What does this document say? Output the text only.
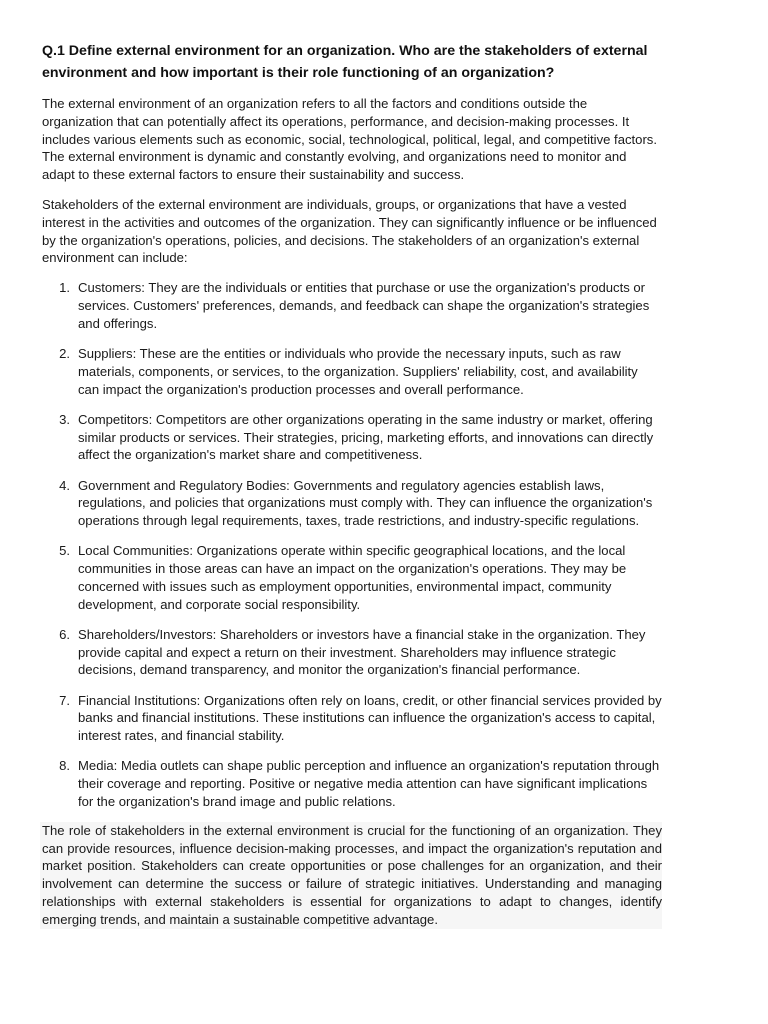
Q.1 Define external environment for an organization. Who are the stakeholders of external environment and how important is their role functioning of an organization?

The external environment of an organization refers to all the factors and conditions outside the organization that can potentially affect its operations, performance, and decision-making processes. It includes various elements such as economic, social, technological, political, legal, and competitive factors. The external environment is dynamic and constantly evolving, and organizations need to monitor and adapt to these external factors to ensure their sustainability and success.

Stakeholders of the external environment are individuals, groups, or organizations that have a vested interest in the activities and outcomes of the organization. They can significantly influence or be influenced by the organization's operations, policies, and decisions. The stakeholders of an organization's external environment can include:

1. Customers: They are the individuals or entities that purchase or use the organization's products or services. Customers' preferences, demands, and feedback can shape the organization's strategies and offerings.
2. Suppliers: These are the entities or individuals who provide the necessary inputs, such as raw materials, components, or services, to the organization. Suppliers' reliability, cost, and availability can impact the organization's production processes and overall performance.
3. Competitors: Competitors are other organizations operating in the same industry or market, offering similar products or services. Their strategies, pricing, marketing efforts, and innovations can directly affect the organization's market share and competitiveness.
4. Government and Regulatory Bodies: Governments and regulatory agencies establish laws, regulations, and policies that organizations must comply with. They can influence the organization's operations through legal requirements, taxes, trade restrictions, and industry-specific regulations.
5. Local Communities: Organizations operate within specific geographical locations, and the local communities in those areas can have an impact on the organization's operations. They may be concerned with issues such as employment opportunities, environmental impact, community development, and corporate social responsibility.
6. Shareholders/Investors: Shareholders or investors have a financial stake in the organization. They provide capital and expect a return on their investment. Shareholders may influence strategic decisions, demand transparency, and monitor the organization's financial performance.
7. Financial Institutions: Organizations often rely on loans, credit, or other financial services provided by banks and financial institutions. These institutions can influence the organization's access to capital, interest rates, and financial stability.
8. Media: Media outlets can shape public perception and influence an organization's reputation through their coverage and reporting. Positive or negative media attention can have significant implications for the organization's brand image and public relations.

The role of stakeholders in the external environment is crucial for the functioning of an organization. They can provide resources, influence decision-making processes, and impact the organization's reputation and market position. Stakeholders can create opportunities or pose challenges for an organization, and their involvement can determine the success or failure of strategic initiatives. Understanding and managing relationships with external stakeholders is essential for organizations to adapt to changes, identify emerging trends, and maintain a sustainable competitive advantage.
